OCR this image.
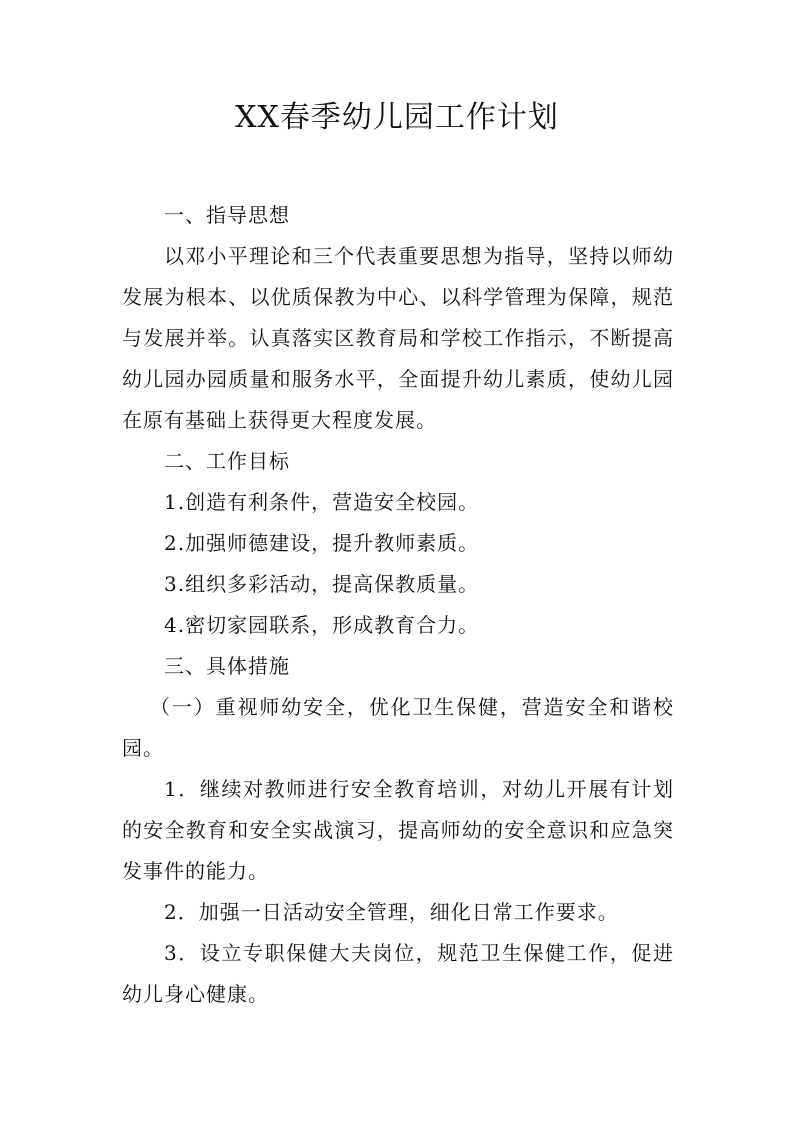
XX春季幼儿园工作计划

一、指导思想

以邓小平理论和三个代表重要思想为指导，坚持以师幼发展为根本、以优质保教为中心、以科学管理为保障，规范与发展并举。认真落实区教育局和学校工作指示，不断提高幼儿园办园质量和服务水平，全面提升幼儿素质，使幼儿园在原有基础上获得更大程度发展。

二、工作目标

1.创造有利条件，营造安全校园。

2.加强师德建设，提升教师素质。

3.组织多彩活动，提高保教质量。

4.密切家园联系，形成教育合力。

三、具体措施

（一）重视师幼安全，优化卫生保健，营造安全和谐校园。

1．继续对教师进行安全教育培训，对幼儿开展有计划的安全教育和安全实战演习，提高师幼的安全意识和应急突发事件的能力。

2．加强一日活动安全管理，细化日常工作要求。

3．设立专职保健大夫岗位，规范卫生保健工作，促进幼儿身心健康。
